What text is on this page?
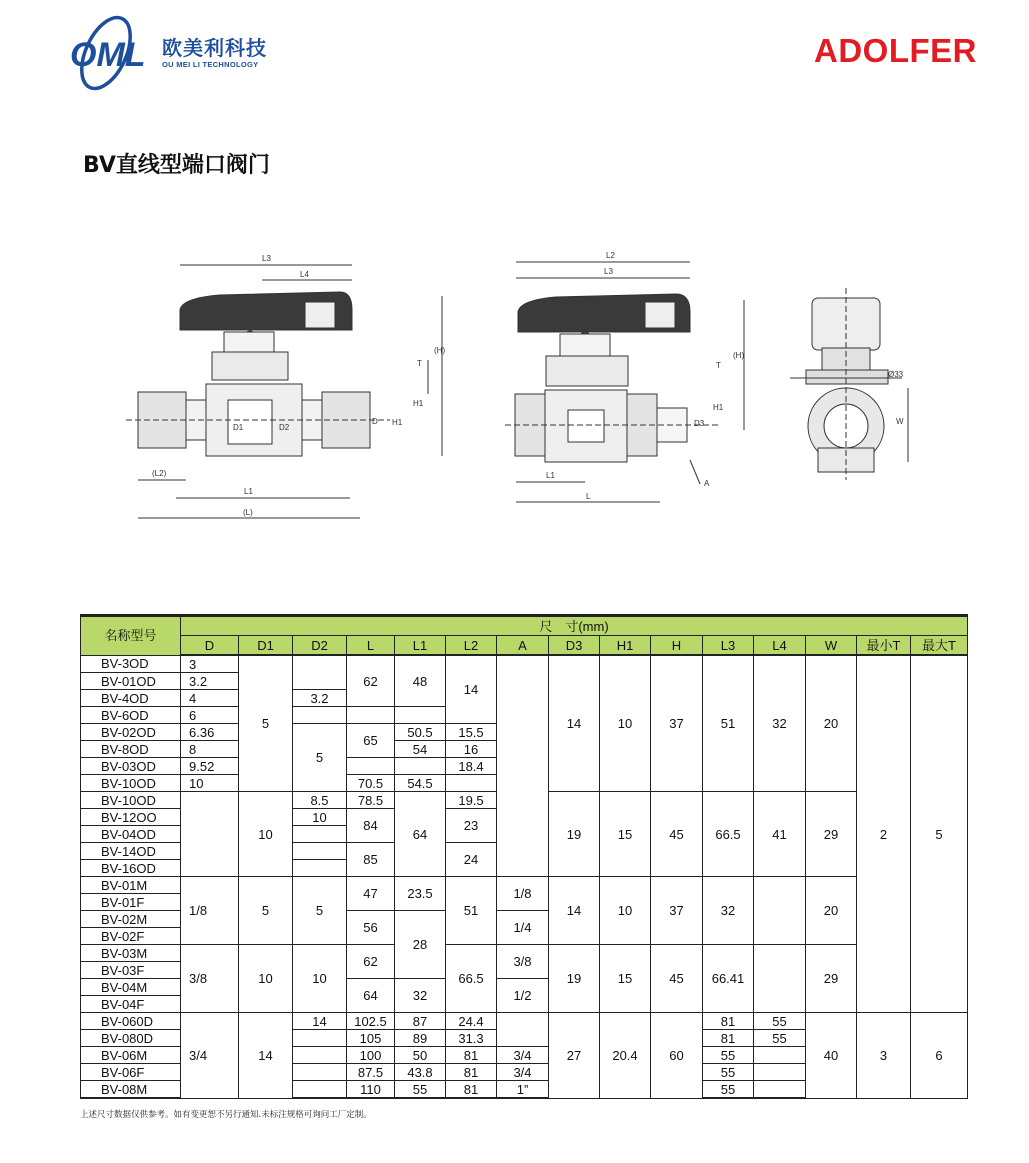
OML 欧美利科技
OU MEI LI TECHNOLOGY	ADOLFER
BV直线型端口阀门
L3
L4
T
(H)
H1
H1
D1	D2
D
(L2)
L1
(L)
L2
L3
T
(H)
H1
D3
L1
L
A
Ø33
W
名称型号	尺　寸(mm)														
	D	D1	D2	L	L1	L2	A	D3	H1	H	L3	L4	W	最小T	最大T
BV-3OD	3	5		62	48	14		14	10	37	51	32	20	2	5
BV-01OD	3.2														
BV-4OD	4		3.2												
BV-6OD	6														
BV-02OD	6.36		5	65	50.5	15.5									
BV-8OD	8				54	16									
BV-03OD	9.52					18.4									
BV-10OD	10			70.5	54.5										
BV-10OD		10	8.5	78.5	64	19.5		19	15	45	66.5	41	29		
BV-12OO			10	84		23									
BV-04OD															
BV-14OD				85		24									
BV-16OD															
BV-01M	1/8	5	5	47	23.5	51	1/8	14	10	37	32		20		
BV-01F															
BV-02M				56	28		1/4								
BV-02F															
BV-03M	3/8	10	10	62		66.5	3/8	19	15	45	66.41		29		
BV-03F															
BV-04M				64	32		1/2								
BV-04F															
BV-060D	3/4	14	14	102.5	87	24.4		27	20.4	60	81	55	40	3	6
BV-080D				105	89	31.3					81	55			
BV-06M				100	50	81	3/4				55				
BV-06F				87.5	43.8	81	3/4				55				
BV-08M				110	55	81	1”				55				
上述尺寸数据仅供参考。如有变更恕不另行通知.未标注规格可询问工厂定制。
